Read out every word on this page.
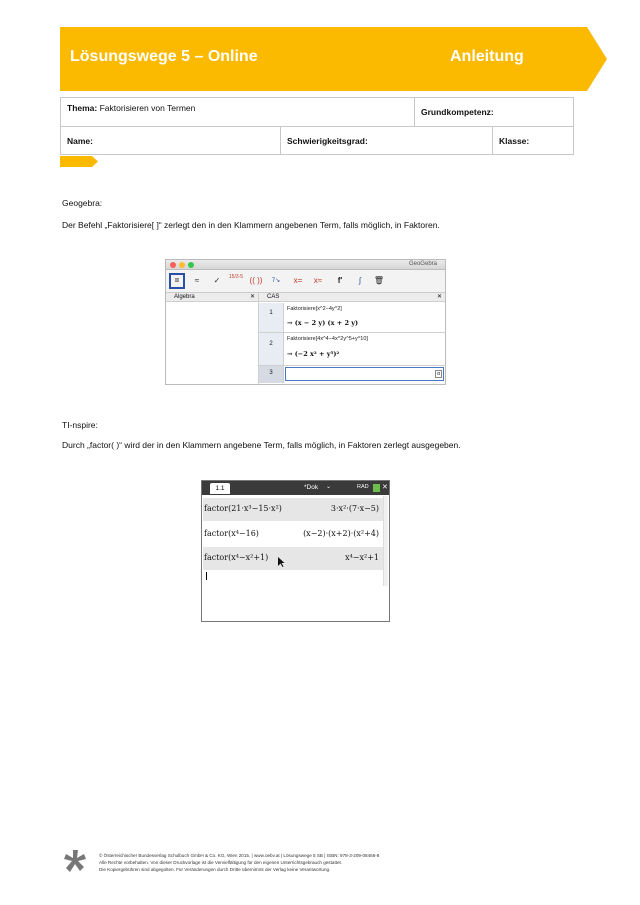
Lösungswege 5 – Online	Anleitung
Thema: Faktorisieren von Termen	Grundkompetenz:
Name:	Schwierigkeitsgrad:	Klasse:
Geogebra:
Der Befehl „Faktorisiere[ ]“ zerlegt den in den Klammern angebenen Term, falls möglich, in Faktoren.
GeoGebra
=	≈	✓	15/3·5 (( ))	7↘	x=	x≈	f'	∫	🗑
Algebra	✕	CAS	✕
1
Faktorisiere[x^2−4y^2]
→ (x − 2 y) (x + 2 y)
2
Faktorisiere[4x^4−4x^2y^5+y^10]
→ (−2 x² + y⁵)²
3	α
TI-nspire:
Durch „factor( )“ wird der in den Klammern angebene Term, falls möglich, in Faktoren zerlegt ausgegeben.
1.1	*Dok ⌄	RAD ✕
factor(21·x³−15·x²)	3·x²·(7·x−5)
factor(x⁴−16)	(x−2)·(x+2)·(x²+4)
factor(x⁴−x²+1)	x⁴−x²+1
© Österreichischer Bundesverlag Schulbuch GmbH & Co. KG, Wien 2015. | www.oebv.at | Lösungswege 5 SB | ISBN: 978-3-209-08466-8
Alle Rechte vorbehalten. Von dieser Druckvorlage ist die Vervielfältigung für den eigenen Unterrichtsgebrauch gestattet.
Die Kopiergebühren sind abgegolten. Für Veränderungen durch Dritte übernimmt der Verlag keine Verantwortung.
